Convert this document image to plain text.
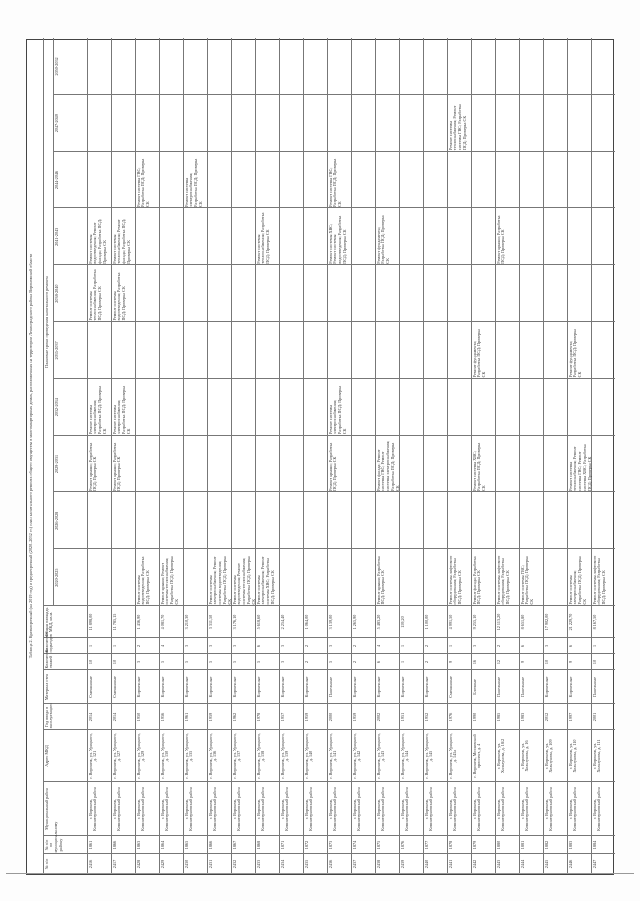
Таблица 2. Краткосрочный (на 2019 год) и среднесрочный (2020–2052 гг.) план капитального ремонта общего имущества в многоквартирных домах, расположенных на территории Ленинградского района Воронежской области	Плановые сроки проведения капитального ремонта
№ п/п
№ п/п по муниципальному району
Муниципальный район
Адрес МКД
Год ввода в эксплуатацию
Материал стен
Количество этажей
Количество подъездов
Общая площадь МКД, кв.м.
2020-2025
2026-2028
2029-2031
2032-2034
2035-2037
2038-2040
2041-2043
2044-2046
2047-2049
2050-2052
2416
1861
г. Воронеж, Коминтерновский район
г. Воронеж, ул. Урицкого, д. 121
2014
Смешанные
10
1
11 898,00
Ремонт крыши; Разработка ПСД; Проверка СК
Ремонт системы электроснабжения; Разработка ПСД; Проверка СК
Ремонт системы теплоснабжения; Разработка ПСД; Проверка СК
Ремонт системы водоотведения; Ремонт фасада; Разработка ПСД; Проверка СК
2417
1866
г. Воронеж, Коминтерновский район
г. Воронеж, ул. Урицкого, д. 127
2014
Смешанные
10
1
11 785,15
Ремонт крыши; Разработка ПСД; Проверка СК
Ремонт системы электроснабжения; Разработка ПСД; Проверка СК
Ремонт системы водоотведения; Разработка ПСД; Проверка СК
Ремонт системы теплоснабжения; Ремонт фасада; Разработка ПСД; Проверка СК
2428
1863
г. Воронеж, Коминтерновский район
г. Воронеж, ул. Урицкого, д. 129
1950
Кирпичные
3
2
1 436,90
Ремонт системы водоотведения; Разработка ПСД; Проверка СК
Ремонт системы ГВС; Разработка ПСД; Проверка СК
2429
1864
г. Воронеж, Коминтерновский район
г. Воронеж, ул. Урицкого, д. 130
1956
Кирпичные
5
4
4 081,70
Ремонт крыши; Ремонт системы теплоснабжения; Разработка ПСД; Проверка СК
2430
1865
г. Воронеж, Коминтерновский район
г. Воронеж, ул. Урицкого, д. 135
1961
Кирпичные
5
3
3 210,30
Ремонт системы электроснабжения; Разработка ПСД; Проверка СК
2431
1866
г. Воронеж, Коминтерновский район
г. Воронеж, ул. Урицкого, д. 136
1959
Кирпичные
5
3
3 311,50
Ремонт системы электроснабжения; Ремонт системы водоотведения; Разработка ПСД; Проверка СК
2432
1867
г. Воронеж, Коминтерновский район
г. Воронеж, ул. Урицкого, д. 137
1962
Кирпичные
5
3
3 176,10
Ремонт системы водоотведения; Ремонт системы теплоснабжения; Разработка ПСД; Проверка СК
2433
1868
г. Воронеж, Коминтерновский район
г. Воронеж, ул. Урицкого, д. 138
1978
Кирпичные
5
6
5 618,60
Ремонт системы электроснабжения; Ремонт системы ХВС; Разработка ПСД; Проверка СК
Ремонт системы теплоснабжения; Разработка ПСД; Проверка СК
2434
1871
г. Воронеж, Коминтерновский район
г. Воронеж, ул. Урицкого, д. 139
1957
Кирпичные
3
3
2 254,40
2435
1872
г. Воронеж, Коминтерновский район
г. Воронеж, ул. Урицкого, д. 140
1959
Кирпичные
2
2
1 064,00
2436
1873
г. Воронеж, Коминтерновский район
г. Воронеж, ул. Урицкого, д. 141
2000
Панельные
5
3
3 139,00
Ремонт крыши; Разработка ПСД; Проверка СК
Ремонт системы электроснабжения; Разработка ПСД; Проверка СК
Ремонт системы ХВС; Ремонт системы водоотведения; Разработка ПСД; Проверка СК
Ремонт системы ГВС; Разработка ПСД; Проверка СК
2437
1874
г. Воронеж, Коминтерновский район
г. Воронеж, ул. Урицкого, д. 142
1959
Кирпичные
2
2
1 265,90
2438
1875
г. Воронеж, Коминтерновский район
г. Воронеж, ул. Урицкого, д. 143
2002
Кирпичные
6
4
5 483,20
Ремонт крыши; Разработка ПСД; Проверка СК
Ремонт фасада; Ремонт системы ГВС; Ремонт системы электроснабжения; Разработка ПСД; Проверка СК
Ремонт фундамента; Разработка ПСД; Проверка СК
2439
1876
г. Воронеж, Коминтерновский район
г. Воронеж, ул. Урицкого, д. 144
1951
Кирпичные
1
1
159,20
2440
1877
г. Воронеж, Коминтерновский район
г. Воронеж, ул. Урицкого, д. 145
1952
Кирпичные
2
2
1 100,00
2441
1878
г. Воронеж, Коминтерновский район
г. Воронеж, ул. Урицкого, д. 145а
1976
Смешанные
9
1
4 991,50
Ремонт системы лифтового оборудования; Разработка ПСД; Проверка СК
Ремонт системы теплоснабжения; Ремонт системы ГВС; Разработка ПСД; Проверка СК
2442
1879
г. Воронеж, Коминтерновский район
г. Воронеж, Московский проспект, д. 4
1990
Блочные
16
3
9 255,10
Ремонт фасада; Разработка ПСД; Проверка СК
Ремонт системы ХВС; Разработка ПСД; Проверка СК
Ремонт фундамента; Разработка ПСД; Проверка СК
2443
1880
г. Воронеж, Коминтерновский район
г. Воронеж, ул. Хользунова, д. 18/2
1985
Панельные
12
2
12 113,20
Ремонт системы лифтового оборудования; Разработка ПСД; Проверка СК
Ремонт крыши; Разработка ПСД; Проверка СК
2444
1881
г. Воронеж, Коминтерновский район
г. Воронеж, ул. Хользунова, д. 16
1983
Панельные
9
6
8 651,80
Ремонт системы ГВС; Разработка ПСД; Проверка СК
2445
1882
г. Воронеж, Коминтерновский район
г. Воронеж, ул. Хользунова, д. 109
2012
Кирпичные
10
3
17 902,00
2446
1883
г. Воронеж, Коминтерновский район
г. Воронеж, ул. Хользунова, д. 110
1997
Кирпичные
9
6
21 229,70
Ремонт системы электроснабжения; Разработка ПСД; Проверка СК
Ремонт системы теплоснабжения; Ремонт системы ГВС; Ремонт системы ХВС; Разработка ПСД; Проверка СК
Ремонт фундамента; Разработка ПСД; Проверка СК
2447
1884
г. Воронеж, Коминтерновский район
г. Воронеж, ул. Хользунова, д. 111
2001
Панельные
10
1
8 167,50
Ремонт системы лифтового оборудования; Разработка ПСД; Проверка СК
